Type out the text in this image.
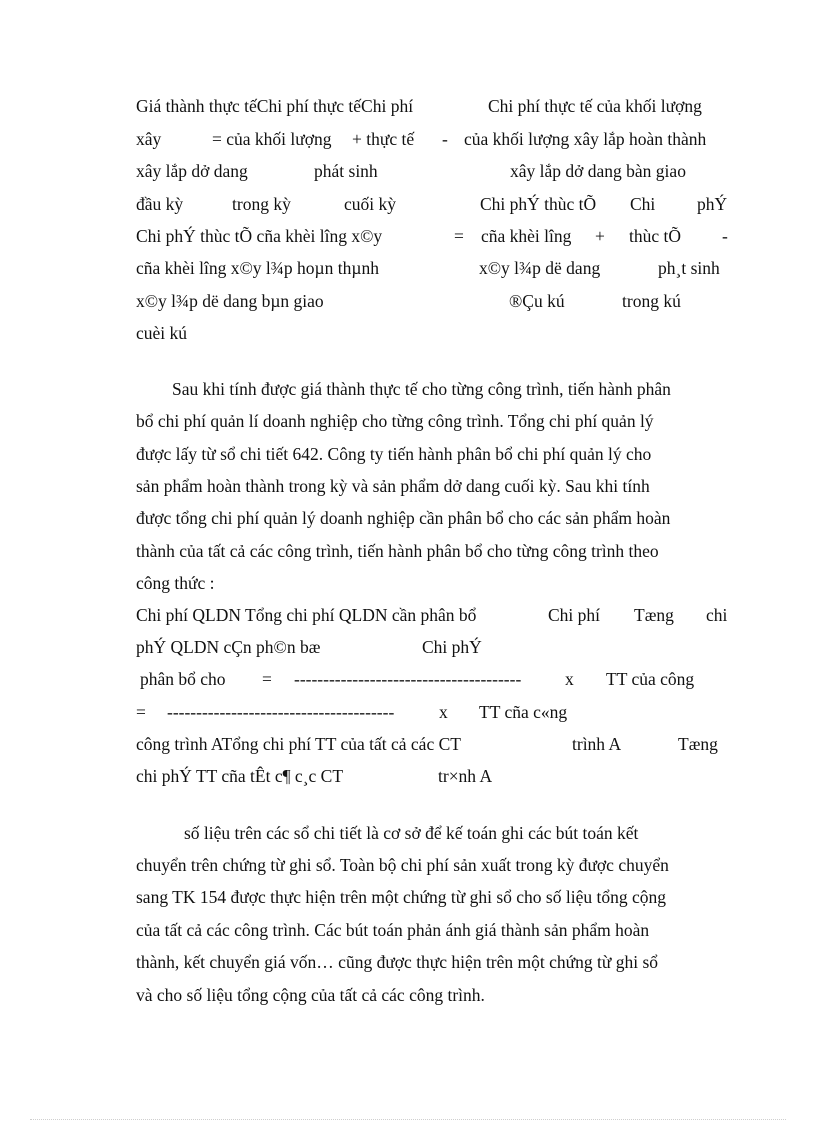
Giá thành thực tếChi phí thực tếChi phí	Chi phí thực tế của khối lượng
xây	= của khối lượng + thực tế - của khối lượng xây lắp hoàn thành
xây lắp dở dang	phát sinh	xây lắp dở dang bàn giao
đầu kỳ	trong kỳ	cuối kỳ	Chi phÝ thùc tÕ Chi phÝ
Chi phÝ thùc tÕ cña khèi lîng x©y	= cña khèi lîng + thùc tÕ -
cña khèi lîng x©y l¾p hoµn thµnh	x©y l¾p dë dang	ph¸t sinh
x©y l¾p dë dang bµn giao	®Çu kú	trong kú
cuèi kú
Sau khi tính được giá thành thực tế cho từng công trình, tiến hành phân
bổ chi phí quản lí doanh nghiệp cho từng công trình. Tổng chi phí quản lý
được lấy từ sổ chi tiết 642. Công ty tiến hành phân bổ chi phí quản lý cho
sản phẩm hoàn thành trong kỳ và sản phẩm dở dang cuối kỳ. Sau khi tính
được tổng chi phí quản lý doanh nghiệp cần phân bổ cho các sản phẩm hoàn
thành của tất cả các công trình, tiến hành phân bổ cho từng công trình theo
công thức :
Chi phí QLDN Tổng chi phí QLDN cần phân bổ	Chi phí Tæng chi
phÝ QLDN cÇn ph©n bæ	Chi phÝ
phân bổ cho = --------------------------------------- x TT của công
= ---------------------------------------	x TT cña c«ng
công trình ATổng chi phí TT của tất cả các CT	trình A	Tæng
chi phÝ TT cña tÊt c¶ c¸c CT	tr×nh A
số liệu trên các sổ chi tiết là cơ sở để kế toán ghi các bút toán kết
chuyển trên chứng từ ghi sổ. Toàn bộ chi phí sản xuất trong kỳ được chuyển
sang TK 154 được thực hiện trên một chứng từ ghi sổ cho số liệu tổng cộng
của tất cả các công trình. Các bút toán phản ánh giá thành sản phẩm hoàn
thành, kết chuyển giá vốn… cũng được thực hiện trên một chứng từ ghi sổ
và cho số liệu tổng cộng của tất cả các công trình.
